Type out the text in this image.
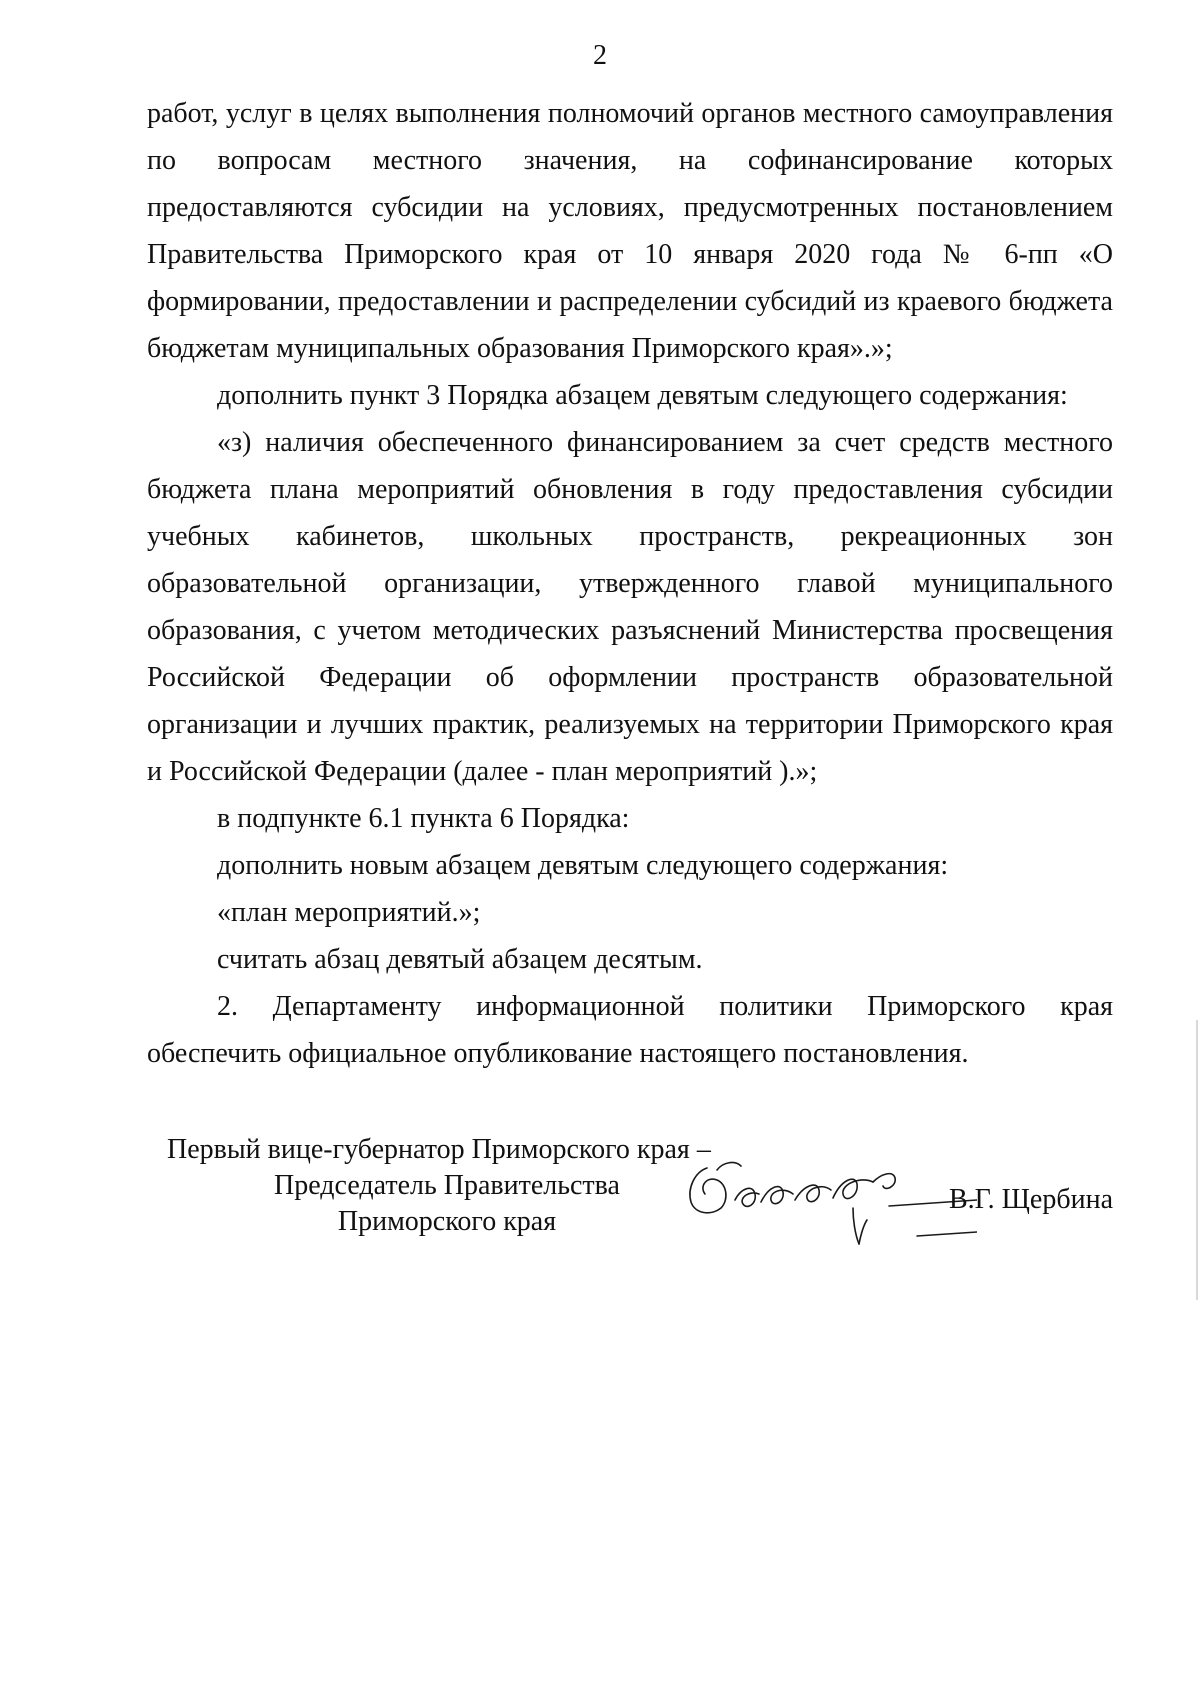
2

работ, услуг в целях выполнения полномочий органов местного самоуправления по вопросам местного значения, на софинансирование которых предоставляются субсидии на условиях, предусмотренных постановлением Правительства Приморского края от 10 января 2020 года № 6-пп «О формировании, предоставлении и распределении субсидий из краевого бюджета бюджетам муниципальных образования Приморского края».»;

дополнить пункт 3 Порядка абзацем девятым следующего содержания:

«з) наличия обеспеченного финансированием за счет средств местного бюджета плана мероприятий обновления в году предоставления субсидии учебных кабинетов, школьных пространств, рекреационных зон образовательной организации, утвержденного главой муниципального образования, с учетом методических разъяснений Министерства просвещения Российской Федерации об оформлении пространств образовательной организации и лучших практик, реализуемых на территории Приморского края и Российской Федерации (далее - план мероприятий ).»;

в подпункте 6.1 пункта 6 Порядка:

дополнить новым абзацем девятым следующего содержания:

«план мероприятий.»;

считать абзац девятый абзацем десятым.

2. Департаменту информационной политики Приморского края обеспечить официальное опубликование настоящего постановления.

Первый вице-губернатор Приморского края –
Председатель Правительства
Приморского края
В.Г. Щербина
